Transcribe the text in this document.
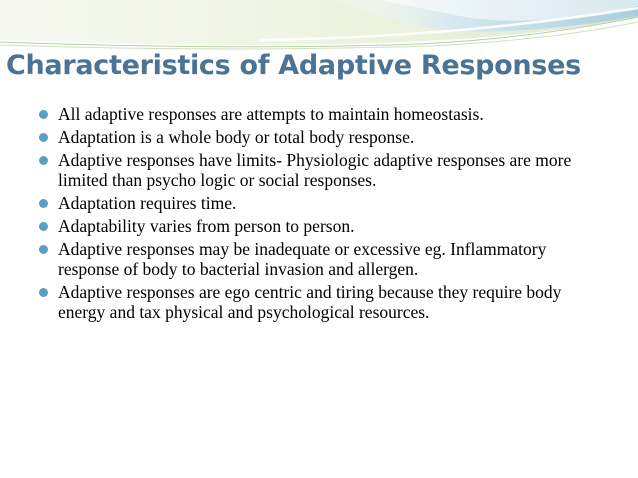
Characteristics of Adaptive Responses
All adaptive responses are attempts to maintain homeostasis.
Adaptation is a whole body or total body response.
Adaptive responses have limits- Physiologic adaptive responses are more limited than psycho logic or social responses.
Adaptation requires time.
Adaptability varies from person to person.
Adaptive responses may be inadequate or excessive eg. Inflammatory response of body to bacterial invasion and allergen.
Adaptive responses are ego centric and tiring because they require body energy and tax physical and psychological resources.
